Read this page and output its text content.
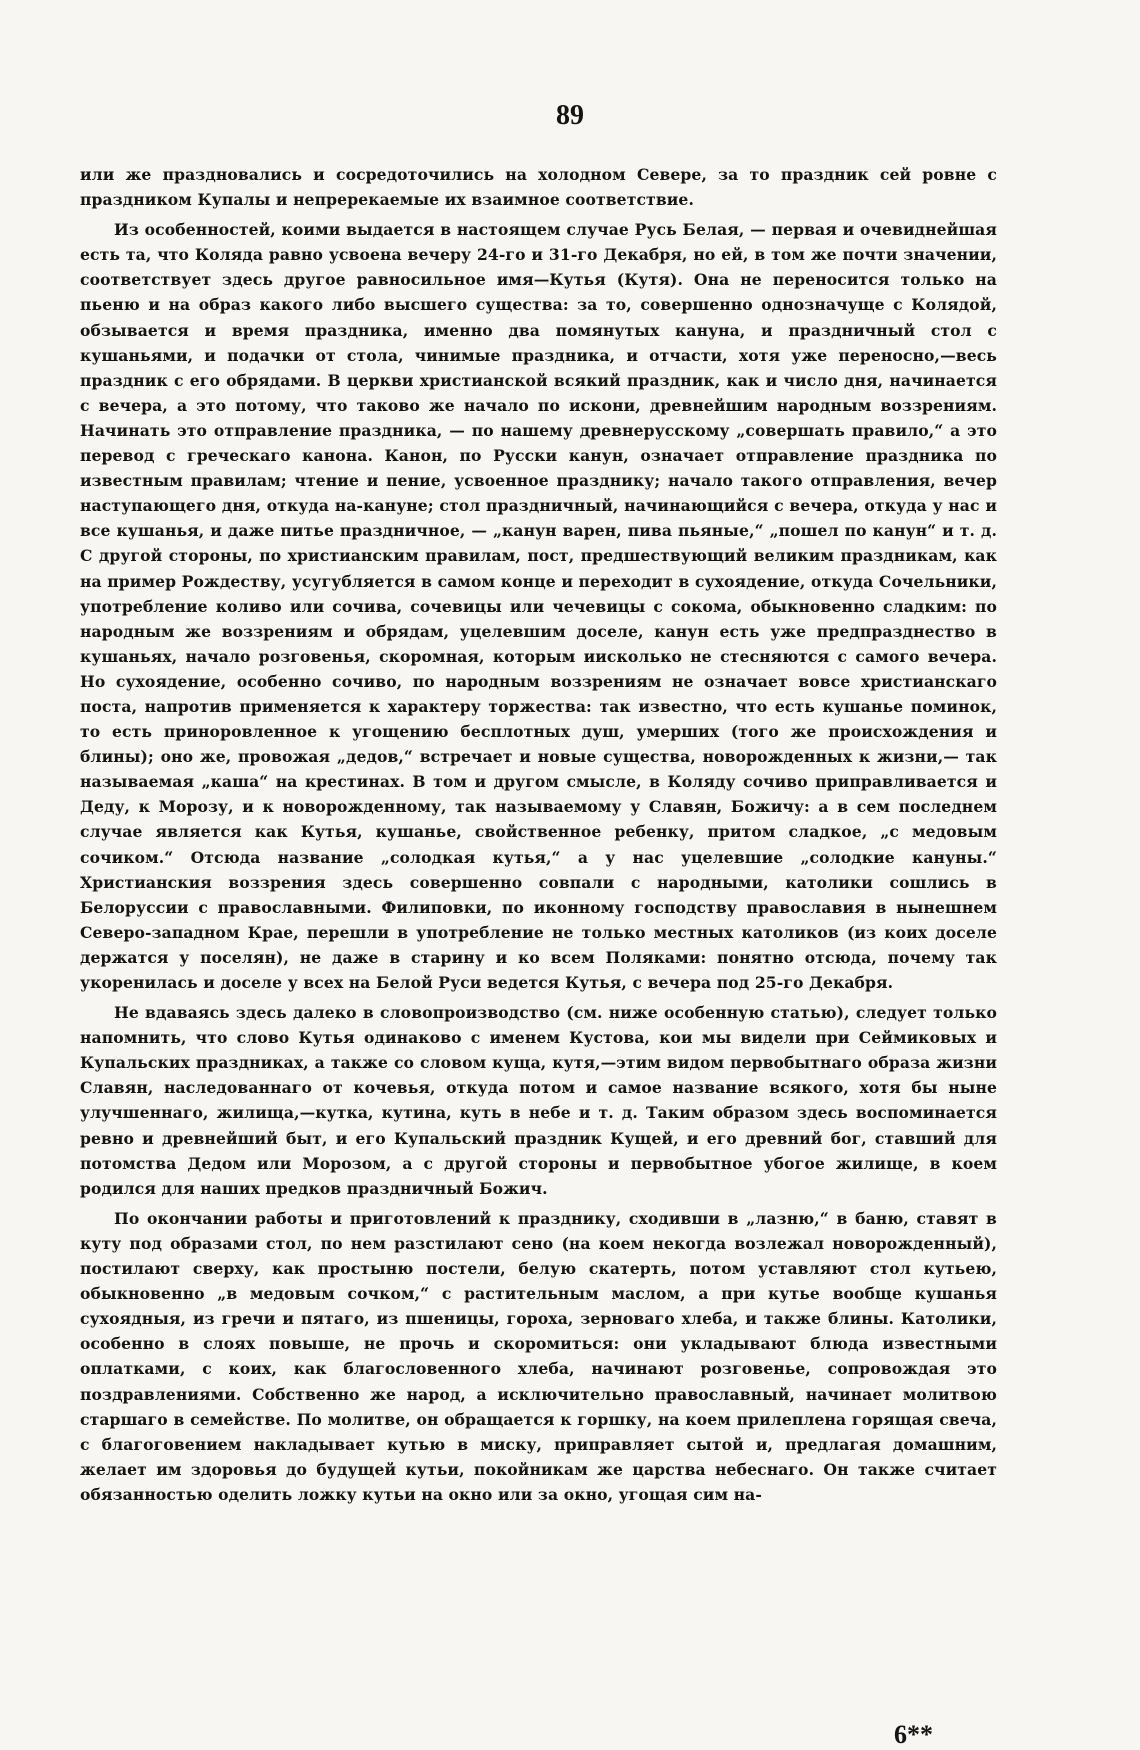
89

или же праздновались и сосредоточились на холодном Севере, за то праздник сей ровне с праздником Купалы и непререкаемые их взаимное соответствие.

Из особенностей, коими выдается в настоящем случае Русь Белая, — первая и очевиднейшая есть та, что Коляда равно усвоена вечеру 24-го и 31-го Декабря, но ей, в том же почти значении, соответствует здесь другое равносильное имя—Кутья (Кутя). Она не переносится только на пьеню и на образ какого либо высшего существа: за то, совершенно однозначуще с Колядой, обзывается и время праздника, именно два помянутых кануна, и праздничный стол с кушаньями, и подачки от стола, чинимые праздника, и отчасти, хотя уже переносно,—весь праздник с его обрядами. В церкви христианской всякий праздник, как и число дня, начинается с вечера, а это потому, что таково же начало по искони, древнейшим народным воззрениям. Начинать это отправление праздника, — по нашему древнерусскому „совершать правило,“ а это перевод с греческаго канона. Канон, по Русски канун, означает отправление праздника по известным правилам; чтение и пение, усвоенное празднику; начало такого отправления, вечер наступающего дня, откуда на-кануне; стол праздничный, начинающийся с вечера, откуда у нас и все кушанья, и даже питье праздничное, — „канун варен, пива пьяные,“ „пошел по канун“ и т. д. С другой стороны, по христианским правилам, пост, предшествующий великим праздникам, как на пример Рождеству, усугубляется в самом конце и переходит в сухоядение, откуда Сочельники, употребление коливо или сочива, сочевицы или чечевицы с сокома, обыкновенно сладким: по народным же воззрениям и обрядам, уцелевшим доселе, канун есть уже предпразднество в кушаньях, начало розговенья, скоромная, которым иисколько не стесняются с самого вечера. Но сухоядение, особенно сочиво, по народным воззрениям не означает вовсе христианскаго поста, напротив применяется к характеру торжества: так известно, что есть кушанье поминок, то есть приноровленное к угощению бесплотных душ, умерших (того же происхождения и блины); оно же, провожая „дедов,“ встречает и новые существа, новорожденных к жизни,— так называемая „каша“ на крестинах. В том и другом смысле, в Коляду сочиво приправливается и Деду, к Морозу, и к новорожденному, так называемому у Славян, Божичу: а в сем последнем случае является как Кутья, кушанье, свойственное ребенку, притом сладкое, „с медовым сочиком.“ Отсюда название „солодкая кутья,“ а у нас уцелевшие „солодкие кануны.“ Христианския воззрения здесь совершенно совпали с народными, католики сошлись в Белоруссии с православными. Филиповки, по иконному господству православия в нынешнем Северо-западном Крае, перешли в употребление не только местных католиков (из коих доселе держатся у поселян), не даже в старину и ко всем Поляками: понятно отсюда, почему так укоренилась и доселе у всех на Белой Руси ведется Кутья, с вечера под 25-го Декабря.

Не вдаваясь здесь далеко в словопроизводство (см. ниже особенную статью), следует только напомнить, что слово Кутья одинаково с именем Кустова, кои мы видели при Сеймиковых и Купальских праздниках, а также со словом куща, кутя,—этим видом первобытнаго образа жизни Славян, наследованнаго от кочевья, откуда потом и самое название всякого, хотя бы ныне улучшеннаго, жилища,—кутка, кутина, куть в небе и т. д. Таким образом здесь воспоминается ревно и древнейший быт, и его Купальский праздник Кущей, и его древний бог, ставший для потомства Дедом или Морозом, а с другой стороны и первобытное убогое жилище, в коем родился для наших предков праздничный Божич.

По окончании работы и приготовлений к празднику, сходивши в „лазню,“ в баню, ставят в куту под образами стол, по нем разстилают сено (на коем некогда возлежал новорожденный), постилают сверху, как простыню постели, белую скатерть, потом уставляют стол кутьею, обыкновенно „в медовым сочком,“ с растительным маслом, а при кутье вообще кушанья сухоядныя, из гречи и пятаго, из пшеницы, гороха, зерноваго хлеба, и также блины. Католики, особенно в слоях повыше, не прочь и скоромиться: они укладывают блюда известными оплатками, с коих, как благословенного хлеба, начинают розговенье, сопровождая это поздравлениями. Собственно же народ, а исключительно православный, начинает молитвою старшаго в семействе. По молитве, он обращается к горшку, на коем прилеплена горящая свеча, с благоговением накладывает кутью в миску, приправляет сытой и, предлагая домашним, желает им здоровья до будущей кутьи, покойникам же царства небеснаго. Он также считает обязанностью оделить ложку кутьи на окно или за окно, угощая сим на-

6**
